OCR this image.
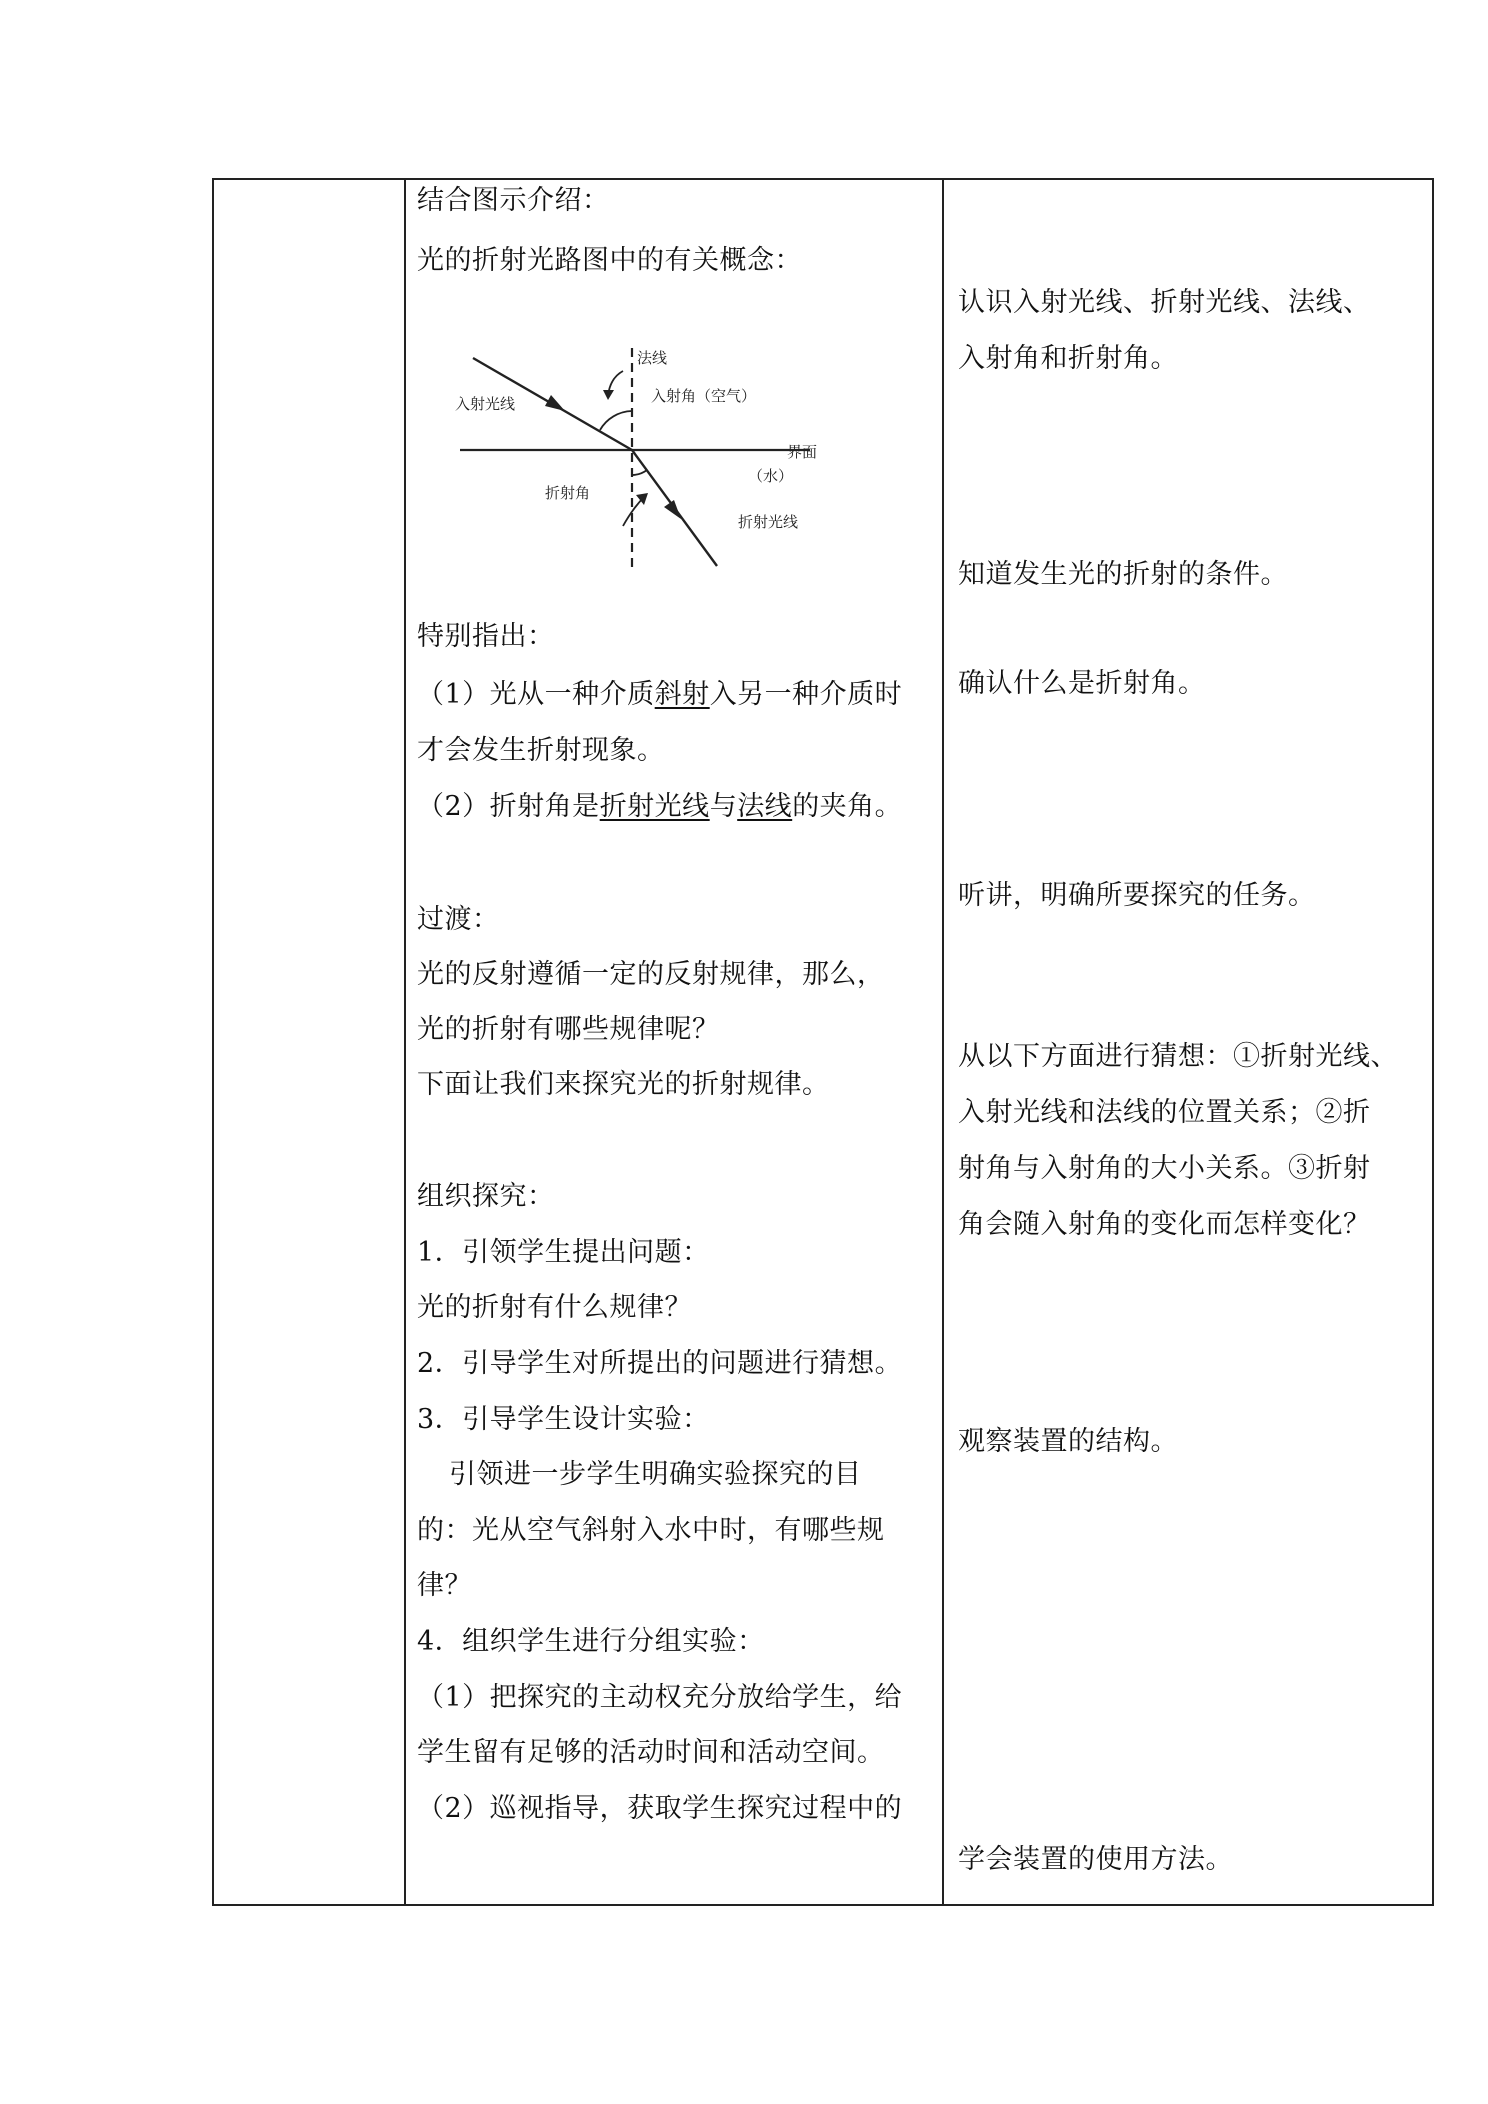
结合图示介绍：
光的折射光路图中的有关概念：
特别指出：
（1）光从一种介质斜射入另一种介质时
才会发生折射现象。
（2）折射角是折射光线与法线的夹角。
过渡：
光的反射遵循一定的反射规律，那么，
光的折射有哪些规律呢？
下面让我们来探究光的折射规律。
组织探究：
1．引领学生提出问题：
光的折射有什么规律？
2．引导学生对所提出的问题进行猜想。
3．引导学生设计实验：
引领进一步学生明确实验探究的目
的：光从空气斜射入水中时，有哪些规
律？
4．组织学生进行分组实验：
（1）把探究的主动权充分放给学生，给
学生留有足够的活动时间和活动空间。
（2）巡视指导，获取学生探究过程中的
法线
入射角（空气）
入射光线
界面
（水）
折射角
折射光线
认识入射光线、折射光线、法线、
入射角和折射角。
知道发生光的折射的条件。
确认什么是折射角。
听讲，明确所要探究的任务。
从以下方面进行猜想：①折射光线、
入射光线和法线的位置关系；②折
射角与入射角的大小关系。③折射
角会随入射角的变化而怎样变化？
观察装置的结构。
学会装置的使用方法。
